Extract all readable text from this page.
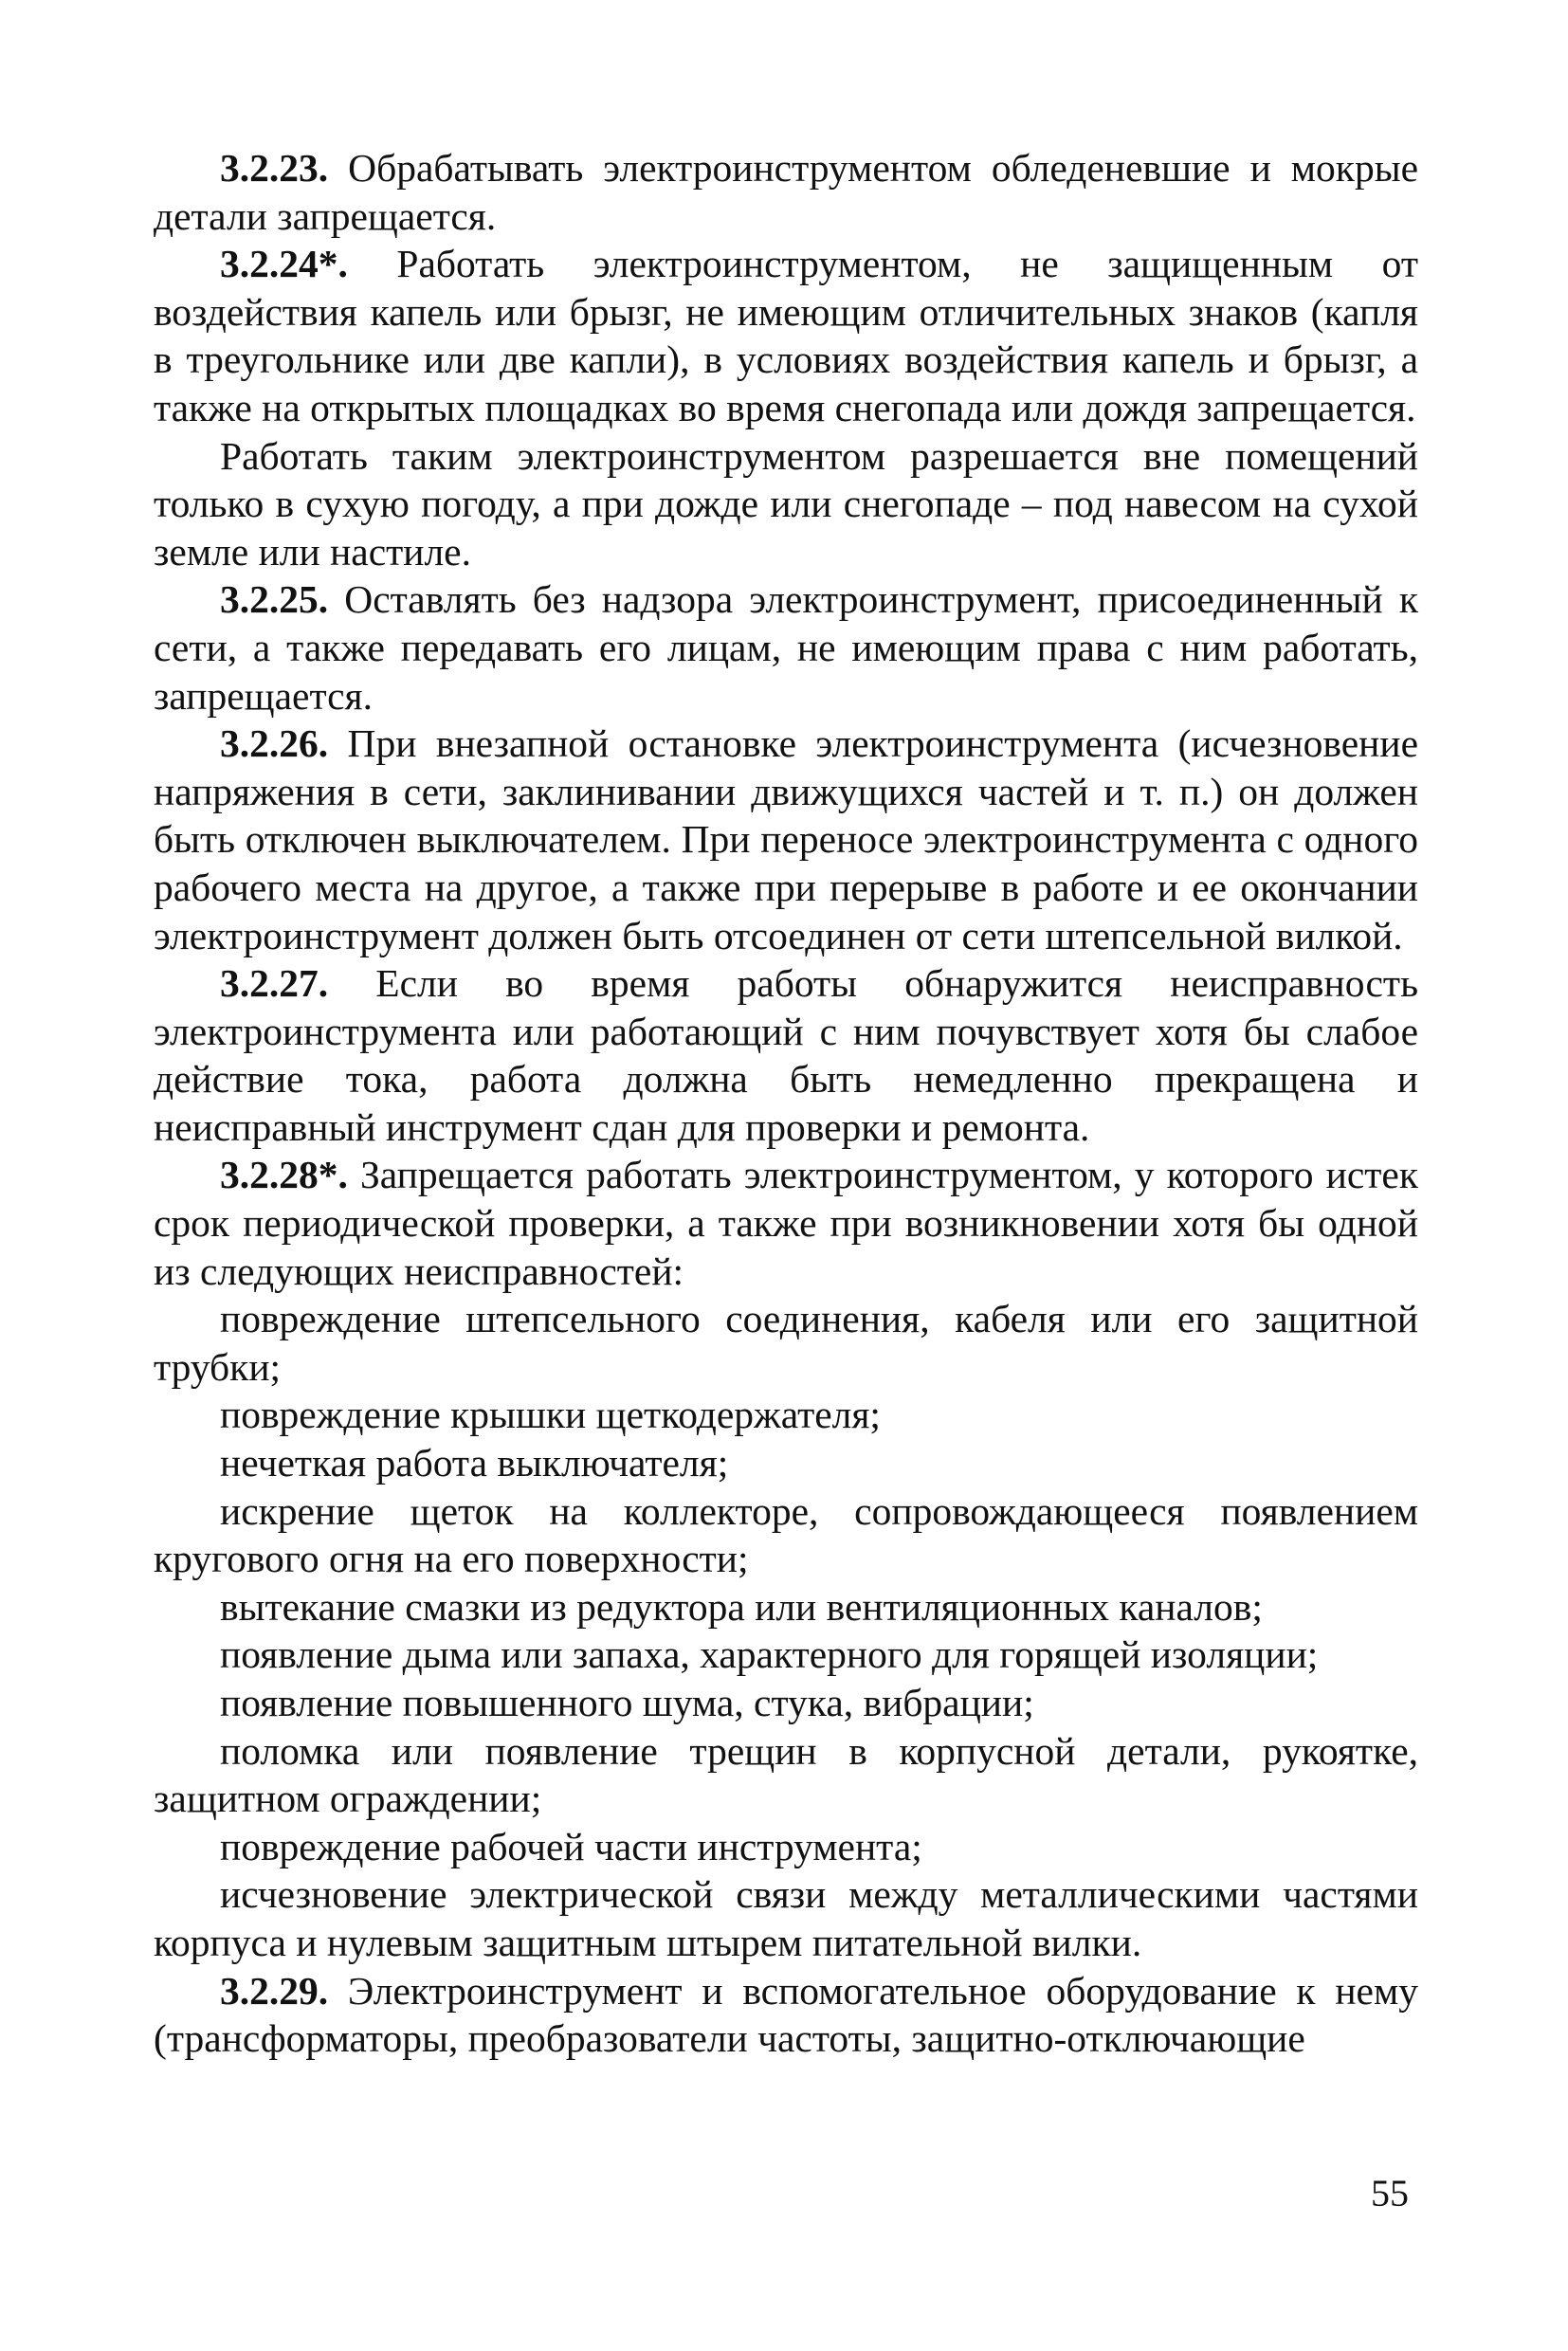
3.2.23. Обрабатывать электроинструментом обледеневшие и мокрые детали запрещается.

3.2.24*. Работать электроинструментом, не защищенным от воздействия капель или брызг, не имеющим отличительных знаков (капля в треугольнике или две капли), в условиях воздействия капель и брызг, а также на открытых площадках во время снегопада или дождя запрещается.

Работать таким электроинструментом разрешается вне помещений только в сухую погоду, а при дожде или снегопаде – под навесом на сухой земле или настиле.

3.2.25. Оставлять без надзора электроинструмент, присоединенный к сети, а также передавать его лицам, не имеющим права с ним работать, запрещается.

3.2.26. При внезапной остановке электроинструмента (исчезновение напряжения в сети, заклинивании движущихся частей и т. п.) он должен быть отключен выключателем. При переносе электроинструмента с одного рабочего места на другое, а также при перерыве в работе и ее окончании электроинструмент должен быть отсоединен от сети штепсельной вилкой.

3.2.27. Если во время работы обнаружится неисправность электроинструмента или работающий с ним почувствует хотя бы слабое действие тока, работа должна быть немедленно прекращена и неисправный инструмент сдан для проверки и ремонта.

3.2.28*. Запрещается работать электроинструментом, у которого истек срок периодической проверки, а также при возникновении хотя бы одной из следующих неисправностей:

повреждение штепсельного соединения, кабеля или его защитной трубки;

повреждение крышки щеткодержателя;

нечеткая работа выключателя;

искрение щеток на коллекторе, сопровождающееся появлением кругового огня на его поверхности;

вытекание смазки из редуктора или вентиляционных каналов;

появление дыма или запаха, характерного для горящей изоляции;

появление повышенного шума, стука, вибрации;

поломка или появление трещин в корпусной детали, рукоятке, защитном ограждении;

повреждение рабочей части инструмента;

исчезновение электрической связи между металлическими частями корпуса и нулевым защитным штырем питательной вилки.

3.2.29. Электроинструмент и вспомогательное оборудование к нему (трансформаторы, преобразователи частоты, защитно-отключающие

55
